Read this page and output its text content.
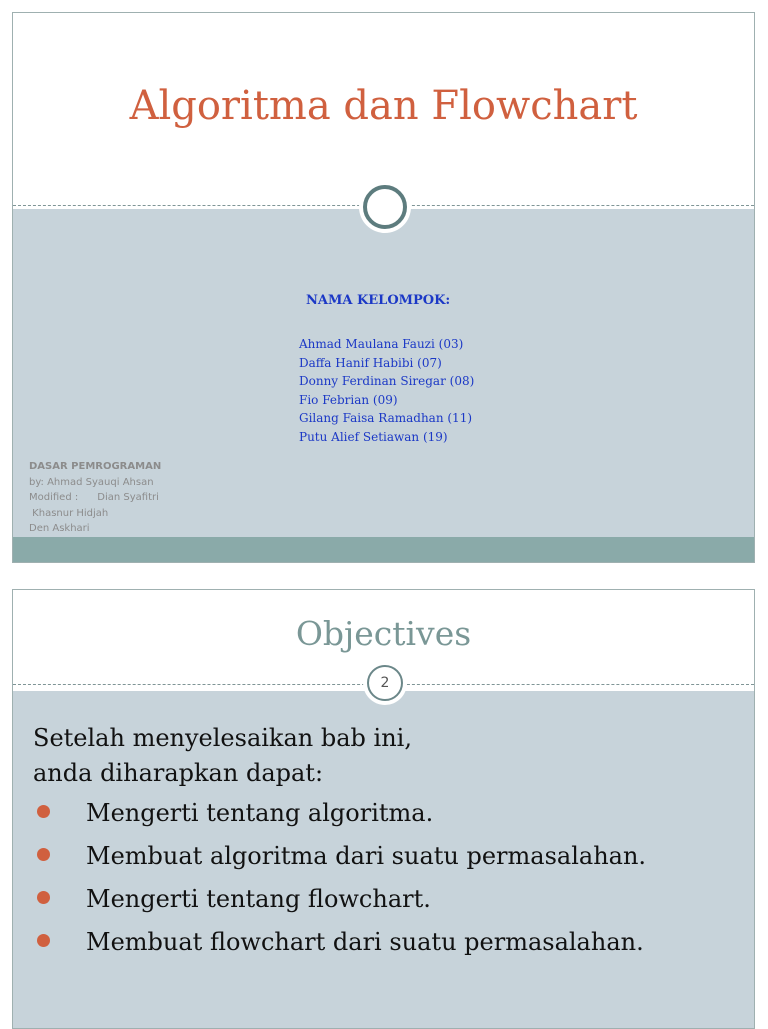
Algoritma dan Flowchart
NAMA KELOMPOK:
Ahmad Maulana Fauzi (03)
Daffa Hanif Habibi (07)
Donny Ferdinan Siregar (08)
Fio Febrian (09)
Gilang Faisa Ramadhan (11)
Putu Alief Setiawan (19)
DASAR PEMROGRAMAN
by: Ahmad Syauqi Ahsan
Modified :      Dian Syafitri
Khasnur Hidjah
Den Askhari
Objectives
2
Setelah menyelesaikan bab ini,
anda diharapkan dapat:
Mengerti tentang algoritma.
Membuat algoritma dari suatu permasalahan.
Mengerti tentang flowchart.
Membuat flowchart dari suatu permasalahan.
